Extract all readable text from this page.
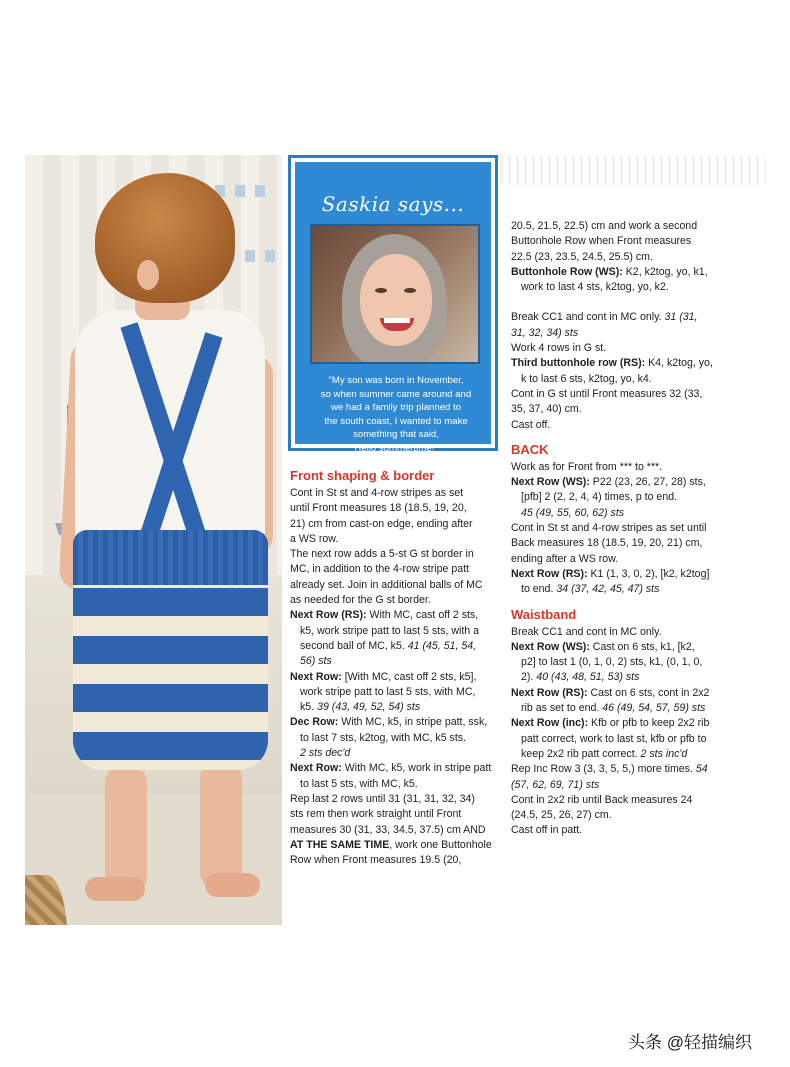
Saskia says...
"My son was born in November,
so when summer came around and
we had a family trip planned to
the south coast, I wanted to make
something that said,
'Hello summertime!'"
Front shaping & border
Cont in St st and 4-row stripes as set
until Front measures 18 (18.5, 19, 20,
21) cm from cast-on edge, ending after
a WS row.
The next row adds a 5-st G st border in
MC, in addition to the 4-row stripe patt
already set. Join in additional balls of MC
as needed for the G st border.
Next Row (RS): With MC, cast off 2 sts,
k5, work stripe patt to last 5 sts, with a
second ball of MC, k5. 41 (45, 51, 54,
56) sts
Next Row: [With MC, cast off 2 sts, k5],
work stripe patt to last 5 sts, with MC,
k5. 39 (43, 49, 52, 54) sts
Dec Row: With MC, k5, in stripe patt, ssk,
to last 7 sts, k2tog, with MC, k5 sts.
2 sts dec'd
Next Row: With MC, k5, work in stripe patt
to last 5 sts, with MC, k5.
Rep last 2 rows until 31 (31, 31, 32, 34)
sts rem then work straight until Front
measures 30 (31, 33, 34.5, 37.5) cm AND
AT THE SAME TIME, work one Buttonhole
Row when Front measures 19.5 (20,
20.5, 21.5, 22.5) cm and work a second
Buttonhole Row when Front measures
22.5 (23, 23.5, 24.5, 25.5) cm.
Buttonhole Row (WS): K2, k2tog, yo, k1,
work to last 4 sts, k2tog, yo, k2.
Break CC1 and cont in MC only. 31 (31,
31, 32, 34) sts
Work 4 rows in G st.
Third buttonhole row (RS): K4, k2tog, yo,
k to last 6 sts, k2tog, yo, k4.
Cont in G st until Front measures 32 (33,
35, 37, 40) cm.
Cast off.
BACK
Work as for Front from *** to ***.
Next Row (WS): P22 (23, 26, 27, 28) sts,
[pfb] 2 (2, 2, 4, 4) times, p to end.
45 (49, 55, 60, 62) sts
Cont in St st and 4-row stripes as set until
Back measures 18 (18.5, 19, 20, 21) cm,
ending after a WS row.
Next Row (RS): K1 (1, 3, 0, 2), [k2, k2tog]
to end. 34 (37, 42, 45, 47) sts
Waistband
Break CC1 and cont in MC only.
Next Row (WS): Cast on 6 sts, k1, [k2,
p2] to last 1 (0, 1, 0, 2) sts, k1, (0, 1, 0,
2). 40 (43, 48, 51, 53) sts
Next Row (RS): Cast on 6 sts, cont in 2x2
rib as set to end. 46 (49, 54, 57, 59) sts
Next Row (inc): Kfb or pfb to keep 2x2 rib
patt correct, work to last st, kfb or pfb to
keep 2x2 rib patt correct. 2 sts inc'd
Rep Inc Row 3 (3, 3, 5, 5,) more times. 54
(57, 62, 69, 71) sts
Cont in 2x2 rib until Back measures 24
(24.5, 25, 26, 27) cm.
Cast off in patt.
头条 @轻描编织
